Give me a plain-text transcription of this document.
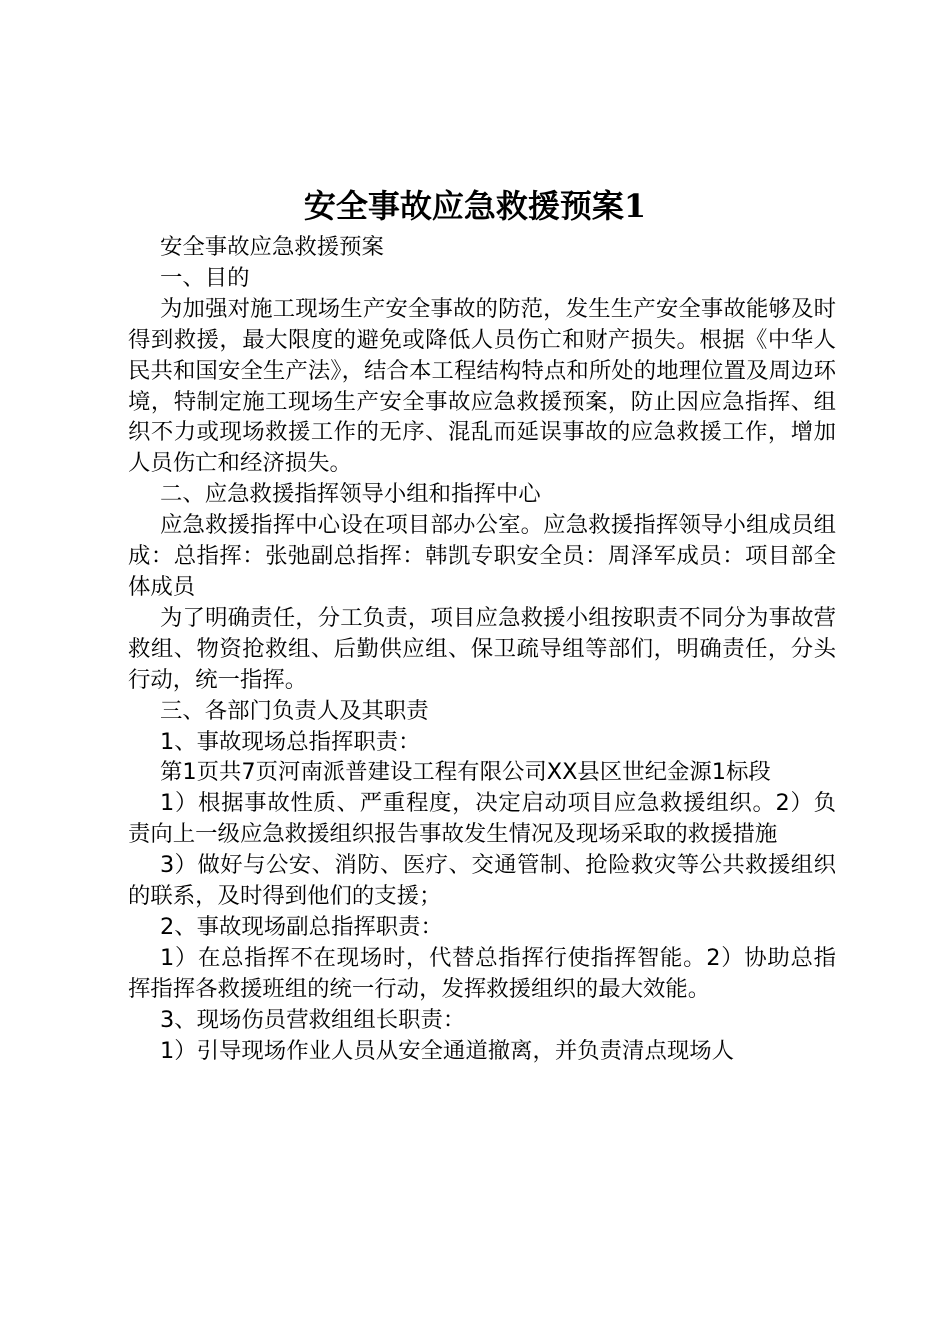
安全事故应急救援预案1

安全事故应急救援预案

一、目的

为加强对施工现场生产安全事故的防范，发生生产安全事故能够及时得到救援，最大限度的避免或降低人员伤亡和财产损失。根据《中华人民共和国安全生产法》，结合本工程结构特点和所处的地理位置及周边环境，特制定施工现场生产安全事故应急救援预案，防止因应急指挥、组织不力或现场救援工作的无序、混乱而延误事故的应急救援工作，增加人员伤亡和经济损失。

二、应急救援指挥领导小组和指挥中心

应急救援指挥中心设在项目部办公室。应急救援指挥领导小组成员组成：总指挥：张弛副总指挥：韩凯专职安全员：周泽军成员：项目部全体成员

为了明确责任，分工负责，项目应急救援小组按职责不同分为事故营救组、物资抢救组、后勤供应组、保卫疏导组等部们，明确责任，分头行动，统一指挥。

三、各部门负责人及其职责

1、事故现场总指挥职责：

第1页共7页河南派普建设工程有限公司XX县区世纪金源1标段

1）根据事故性质、严重程度，决定启动项目应急救援组织。2）负责向上一级应急救援组织报告事故发生情况及现场采取的救援措施

3）做好与公安、消防、医疗、交通管制、抢险救灾等公共救援组织的联系，及时得到他们的支援；

2、事故现场副总指挥职责：

1）在总指挥不在现场时，代替总指挥行使指挥智能。2）协助总指挥指挥各救援班组的统一行动，发挥救援组织的最大效能。

3、现场伤员营救组组长职责：

1）引导现场作业人员从安全通道撤离，并负责清点现场人
